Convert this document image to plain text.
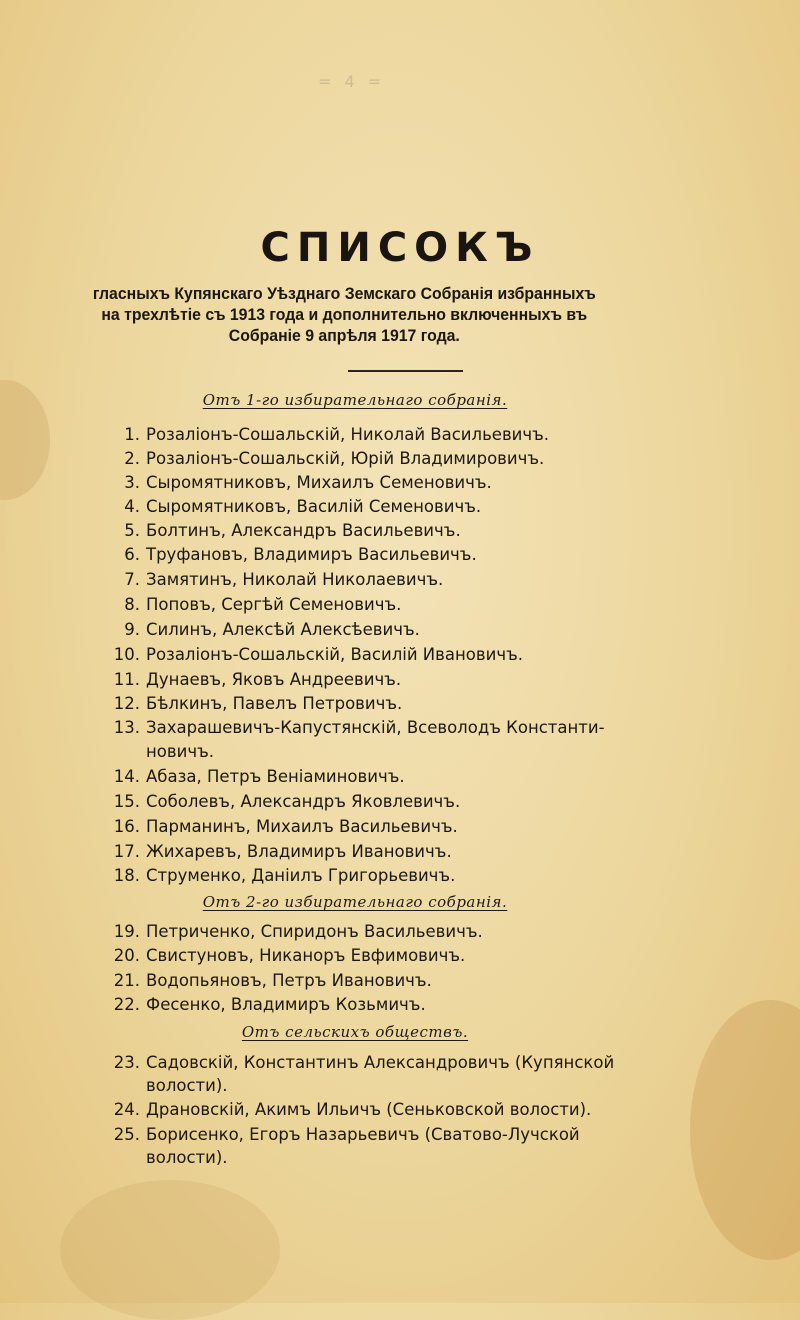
= 4 =
СПИСОКЪ
гласныхъ Купянскаго Уѣзднаго Земскаго Собранія избранныхъ
на трехлѣтіе съ 1913 года и дополнительно включенныхъ въ
Собраніе 9 апрѣля 1917 года.
Отъ 1-го избирательнаго собранія.
1. Розаліонъ-Сошальскій, Николай Васильевичъ.
2. Розаліонъ-Сошальскій, Юрій Владимировичъ.
3. Сыромятниковъ, Михаилъ Семеновичъ.
4. Сыромятниковъ, Василій Семеновичъ.
5. Болтинъ, Александръ Васильевичъ.
6. Труфановъ, Владимиръ Васильевичъ.
7. Замятинъ, Николай Николаевичъ.
8. Поповъ, Сергѣй Семеновичъ.
9. Силинъ, Алексѣй Алексѣевичъ.
10. Розаліонъ-Сошальскій, Василій Ивановичъ.
11. Дунаевъ, Яковъ Андреевичъ.
12. Бѣлкинъ, Павелъ Петровичъ.
13. Захарашевичъ-Капустянскій, Всеволодъ Константи-
новичъ.
14. Абаза, Петръ Веніаминовичъ.
15. Соболевъ, Александръ Яковлевичъ.
16. Парманинъ, Михаилъ Васильевичъ.
17. Жихаревъ, Владимиръ Ивановичъ.
18. Струменко, Даніилъ Григорьевичъ.
Отъ 2-го избирательнаго собранія.
19. Петриченко, Спиридонъ Васильевичъ.
20. Свистуновъ, Никаноръ Евфимовичъ.
21. Водопьяновъ, Петръ Ивановичъ.
22. Фесенко, Владимиръ Козьмичъ.
Отъ сельскихъ обществъ.
23. Садовскій, Константинъ Александровичъ (Купянской
волости).
24. Драновскій, Акимъ Ильичъ (Сеньковской волости).
25. Борисенко, Егоръ Назарьевичъ (Сватово-Лучской
волости).
